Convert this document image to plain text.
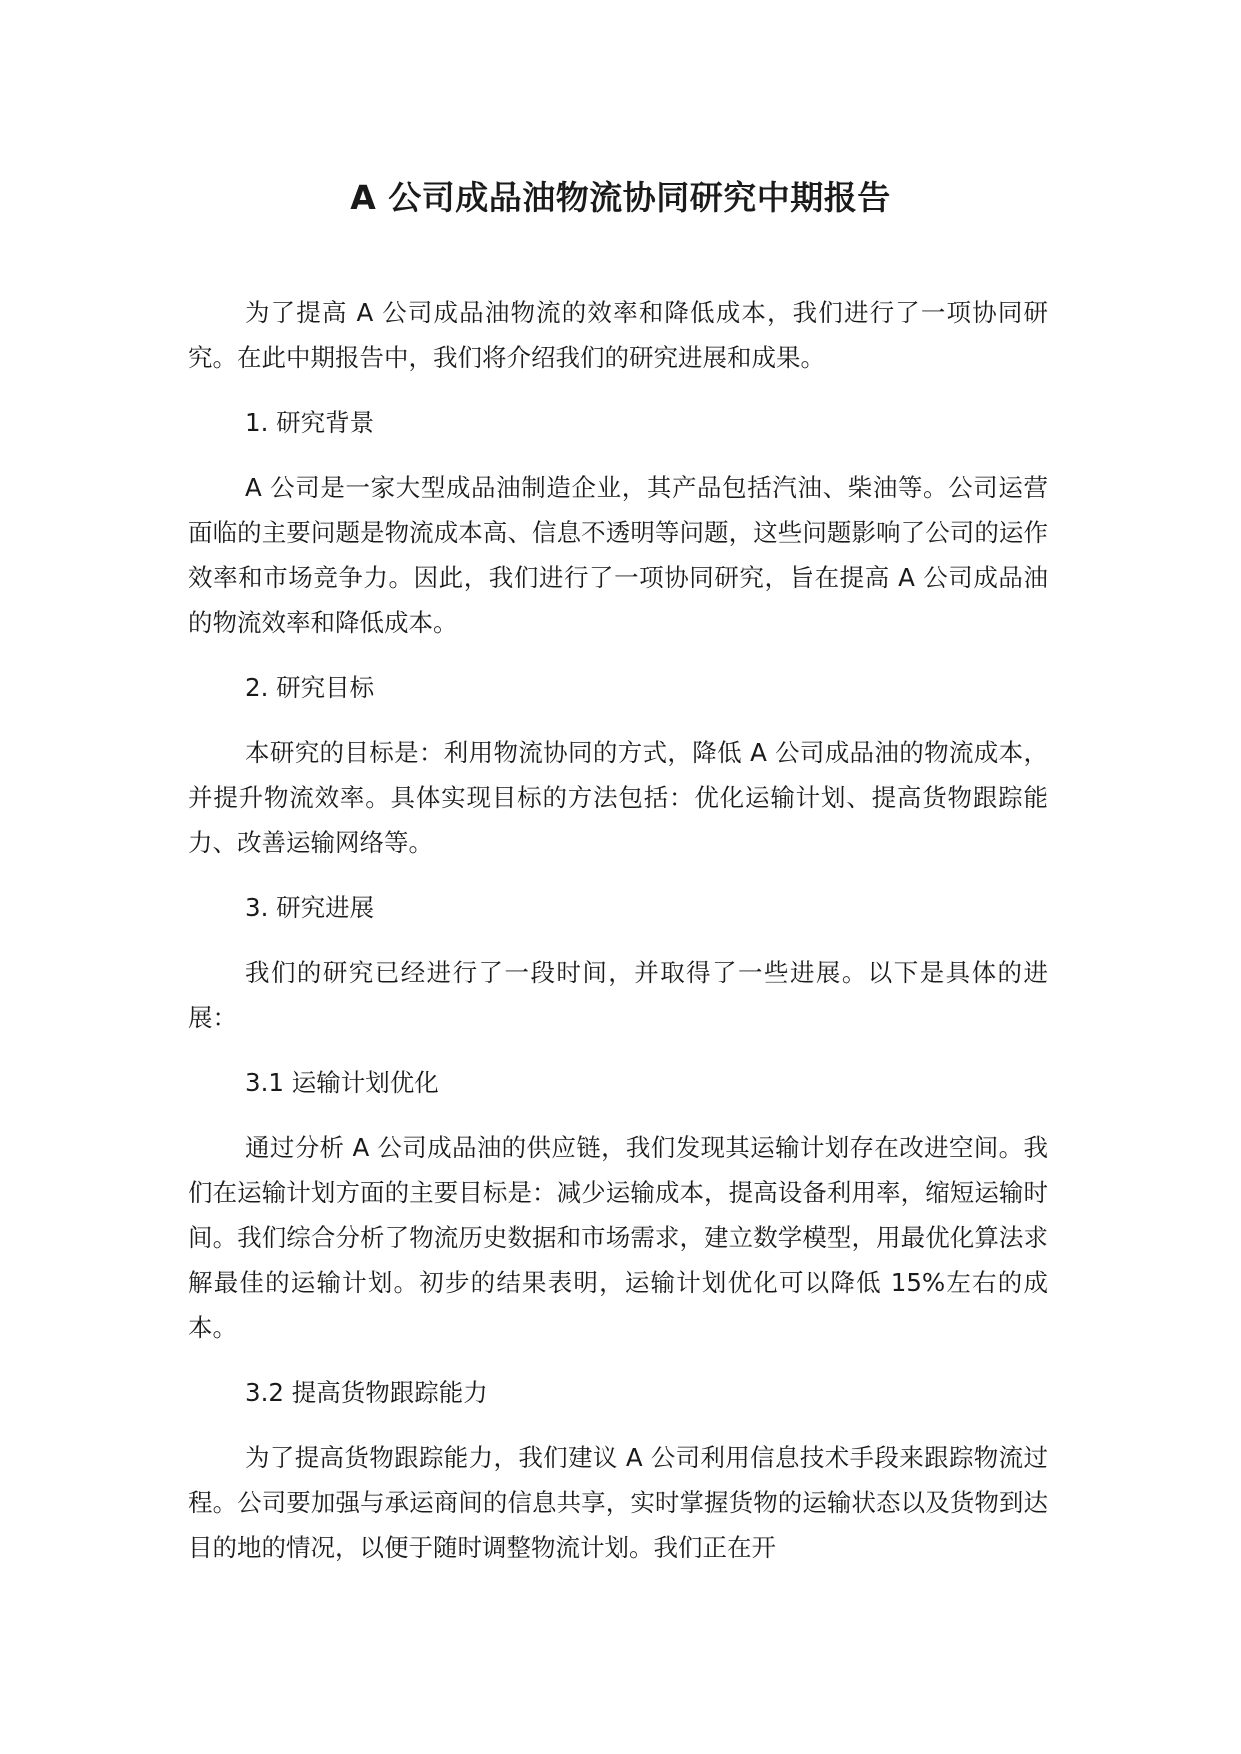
A 公司成品油物流协同研究中期报告

为了提高 A 公司成品油物流的效率和降低成本，我们进行了一项协同研究。在此中期报告中，我们将介绍我们的研究进展和成果。

1. 研究背景

A 公司是一家大型成品油制造企业，其产品包括汽油、柴油等。公司运营面临的主要问题是物流成本高、信息不透明等问题，这些问题影响了公司的运作效率和市场竞争力。因此，我们进行了一项协同研究，旨在提高 A 公司成品油的物流效率和降低成本。

2. 研究目标

本研究的目标是：利用物流协同的方式，降低 A 公司成品油的物流成本，并提升物流效率。具体实现目标的方法包括：优化运输计划、提高货物跟踪能力、改善运输网络等。

3. 研究进展

我们的研究已经进行了一段时间，并取得了一些进展。以下是具体的进展：

3.1 运输计划优化

通过分析 A 公司成品油的供应链，我们发现其运输计划存在改进空间。我们在运输计划方面的主要目标是：减少运输成本，提高设备利用率，缩短运输时间。我们综合分析了物流历史数据和市场需求，建立数学模型，用最优化算法求解最佳的运输计划。初步的结果表明，运输计划优化可以降低 15%左右的成本。

3.2 提高货物跟踪能力

为了提高货物跟踪能力，我们建议 A 公司利用信息技术手段来跟踪物流过程。公司要加强与承运商间的信息共享，实时掌握货物的运输状态以及货物到达目的地的情况，以便于随时调整物流计划。我们正在开
